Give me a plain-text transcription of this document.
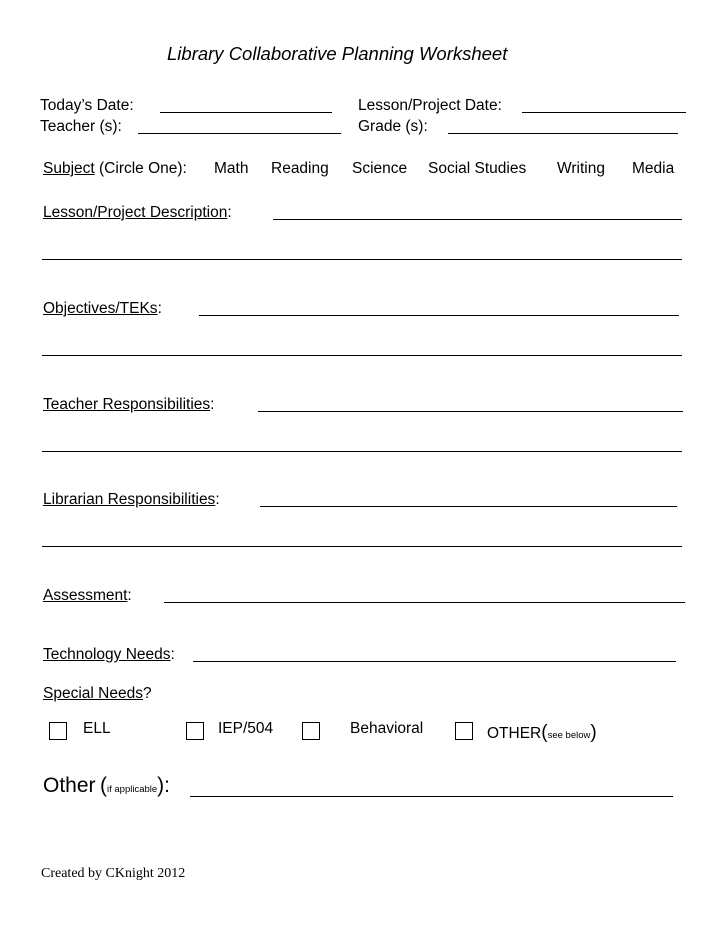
Library Collaborative Planning Worksheet
Today’s Date:	Lesson/Project Date:
Teacher (s):	Grade (s):
Subject (Circle One): Math Reading Science Social Studies Writing Media
Lesson/Project Description:
Objectives/TEKs:
Teacher Responsibilities:
Librarian Responsibilities:
Assessment:
Technology Needs:
Special Needs?
ELL	IEP/504	Behavioral	OTHER(see below)
Other (if applicable):
Created by CKnight 2012
